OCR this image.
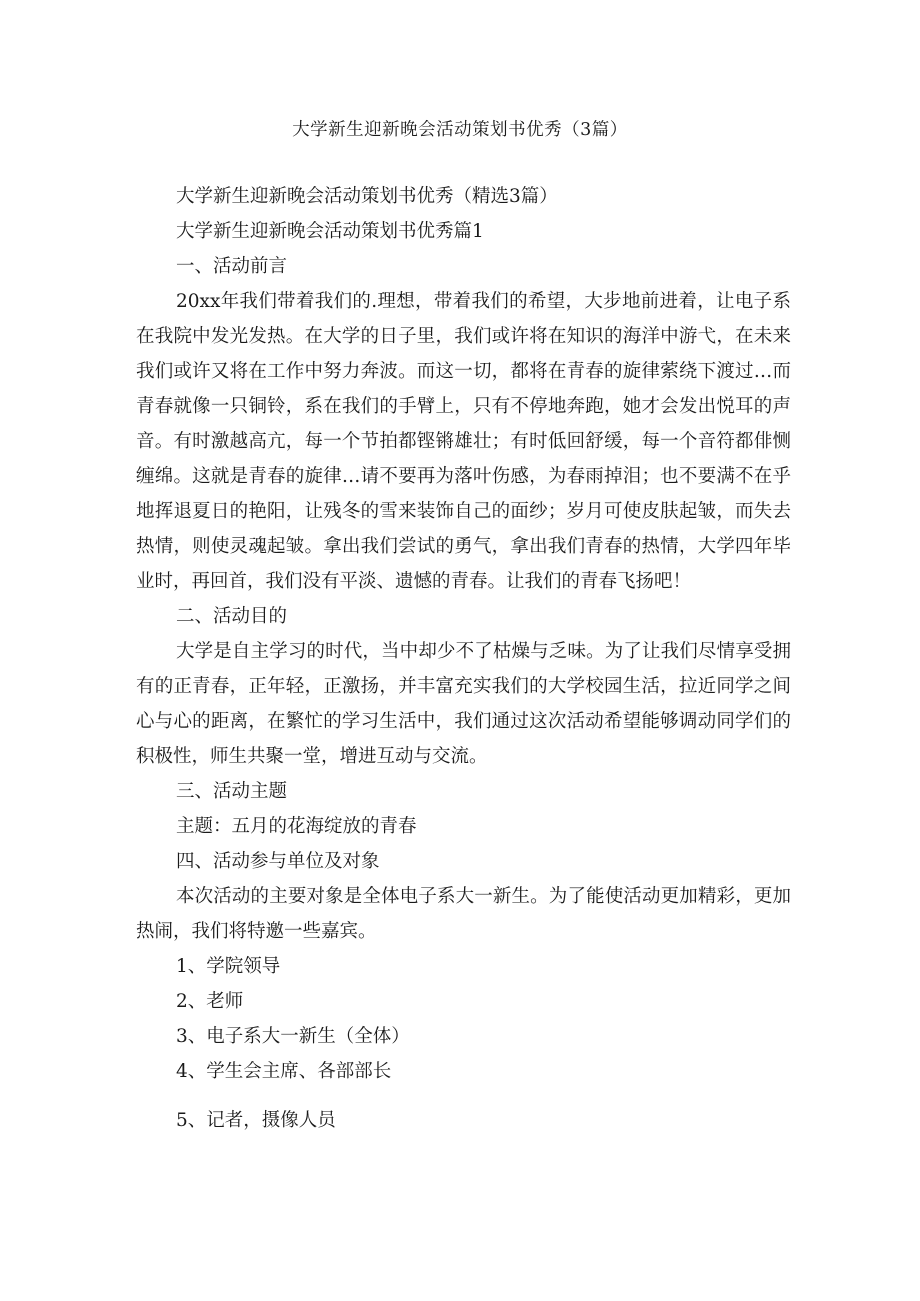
大学新生迎新晚会活动策划书优秀（3篇）
大学新生迎新晚会活动策划书优秀（精选3篇）
大学新生迎新晚会活动策划书优秀篇1
一、活动前言

20xx年我们带着我们的.理想，带着我们的希望，大步地前进着，让电子系在我院中发光发热。在大学的日子里，我们或许将在知识的海洋中游弋，在未来我们或许又将在工作中努力奔波。而这一切，都将在青春的旋律萦绕下渡过…而青春就像一只铜铃，系在我们的手臂上，只有不停地奔跑，她才会发出悦耳的声音。有时激越高亢，每一个节拍都铿锵雄壮；有时低回舒缓，每一个音符都俳恻缠绵。这就是青春的旋律…请不要再为落叶伤感，为春雨掉泪；也不要满不在乎地挥退夏日的艳阳，让残冬的雪来装饰自己的面纱；岁月可使皮肤起皱，而失去热情，则使灵魂起皱。拿出我们尝试的勇气，拿出我们青春的热情，大学四年毕业时，再回首，我们没有平淡、遗憾的青春。让我们的青春飞扬吧！

二、活动目的

大学是自主学习的时代，当中却少不了枯燥与乏味。为了让我们尽情享受拥有的正青春，正年轻，正激扬，并丰富充实我们的大学校园生活，拉近同学之间心与心的距离，在繁忙的学习生活中，我们通过这次活动希望能够调动同学们的积极性，师生共聚一堂，增进互动与交流。

三、活动主题
主题：五月的花海绽放的青春
四、活动参与单位及对象

本次活动的主要对象是全体电子系大一新生。为了能使活动更加精彩，更加热闹，我们将特邀一些嘉宾。

1、学院领导
2、老师
3、电子系大一新生（全体）
4、学生会主席、各部部长
5、记者，摄像人员
